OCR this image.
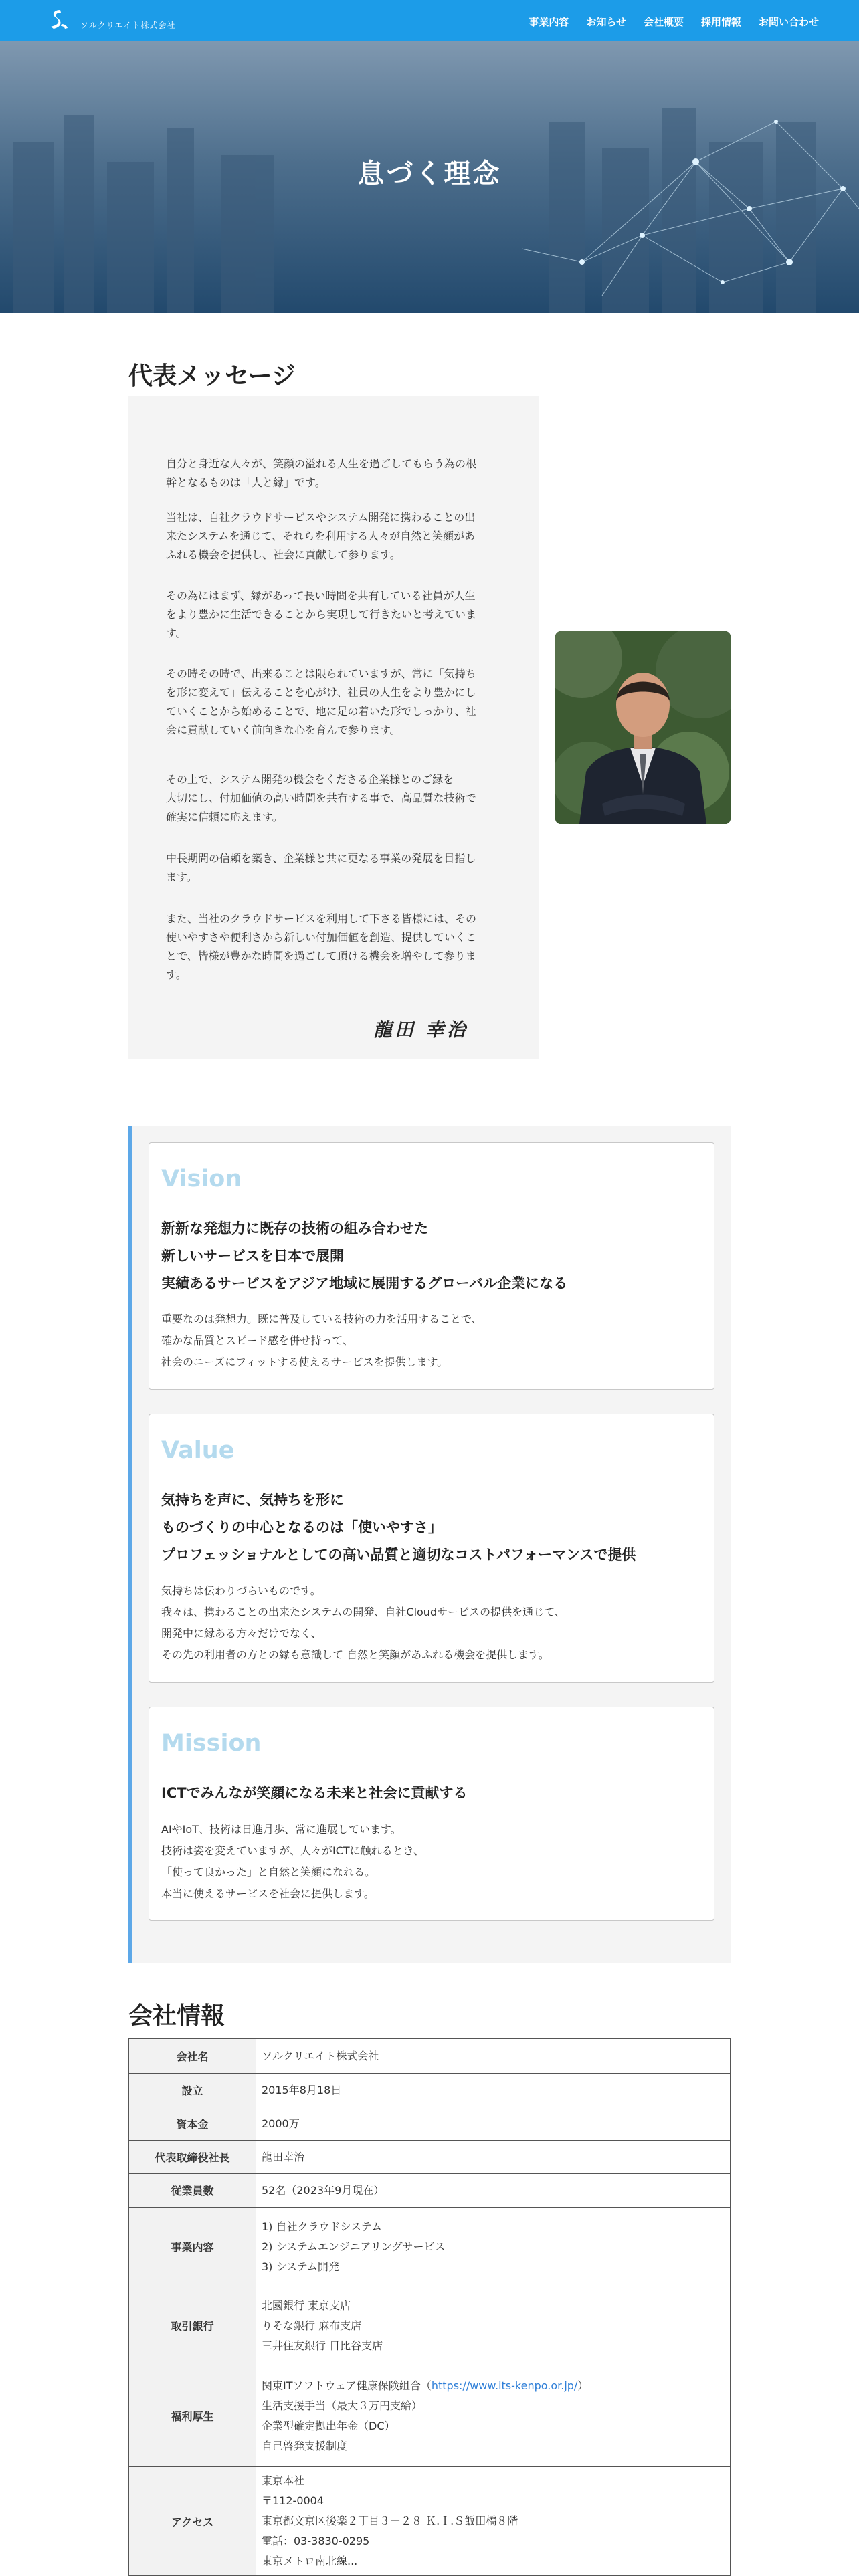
ソルクリエイト株式会社	事業内容 お知らせ 会社概要 採用情報 お問い合わせ
息づく理念
代表メッセージ
自分と身近な人々が、笑顔の溢れる人生を過ごしてもらう為の根
幹となるものは「人と縁」です。
当社は、自社クラウドサービスやシステム開発に携わることの出
来たシステムを通じて、それらを利用する人々が自然と笑顔があ
ふれる機会を提供し、社会に貢献して参ります。
その為にはまず、縁があって長い時間を共有している社員が人生
をより豊かに生活できることから実現して行きたいと考えていま
す。
その時その時で、出来ることは限られていますが、常に「気持ち
を形に変えて」伝えることを心がけ、社員の人生をより豊かにし
ていくことから始めることで、地に足の着いた形でしっかり、社
会に貢献していく前向きな心を育んで参ります。
その上で、システム開発の機会をくださる企業様とのご縁を
大切にし、付加価値の高い時間を共有する事で、高品質な技術で
確実に信頼に応えます。
中長期間の信頼を築き、企業様と共に更なる事業の発展を目指し
ます。
また、当社のクラウドサービスを利用して下さる皆様には、その
使いやすさや便利さから新しい付加価値を創造、提供していくこ
とで、皆様が豊かな時間を過ごして頂ける機会を増やして参りま
す。
龍田 幸治
Vision
新新な発想力に既存の技術の組み合わせた
新しいサービスを日本で展開
実績あるサービスをアジア地域に展開するグローバル企業になる
重要なのは発想力。既に普及している技術の力を活用することで、
確かな品質とスピード感を併せ持って、
社会のニーズにフィットする使えるサービスを提供します。
Value
気持ちを声に、気持ちを形に
ものづくりの中心となるのは「使いやすさ」
プロフェッショナルとしての高い品質と適切なコストパフォーマンスで提供
気持ちは伝わりづらいものです。
我々は、携わることの出来たシステムの開発、自社Cloudサービスの提供を通じて、
開発中に縁ある方々だけでなく、
その先の利用者の方との縁も意識して 自然と笑顔があふれる機会を提供します。
Mission
ICTでみんなが笑顔になる未来と社会に貢献する
AIやIoT、技術は日進月歩、常に進展しています。
技術は姿を変えていますが、人々がICTに触れるとき、
「使って良かった」と自然と笑顔になれる。
本当に使えるサービスを社会に提供します。
会社情報
会社名	ソルクリエイト株式会社

設立	2015年8月18日

資本金	2000万

代表取締役社長	龍田幸治

従業員数	52名（2023年9月現在）

事業内容	1) 自社クラウドシステム
2) システムエンジニアリングサービス
3) システム開発

取引銀行	北國銀行 東京支店
りそな銀行 麻布支店
三井住友銀行 日比谷支店

福利厚生	関東ITソフトウェア健康保険組合（https://www.its-kenpo.or.jp/）
生活支援手当（最大３万円支給）
企業型確定拠出年金（DC）
自己啓発支援制度

アクセス	東京本社
〒112-0004
東京都文京区後楽２丁目３－２８ Ｋ.Ｉ.Ｓ飯田橋８階
電話：03-3830-0295
東京メトロ南北線...
